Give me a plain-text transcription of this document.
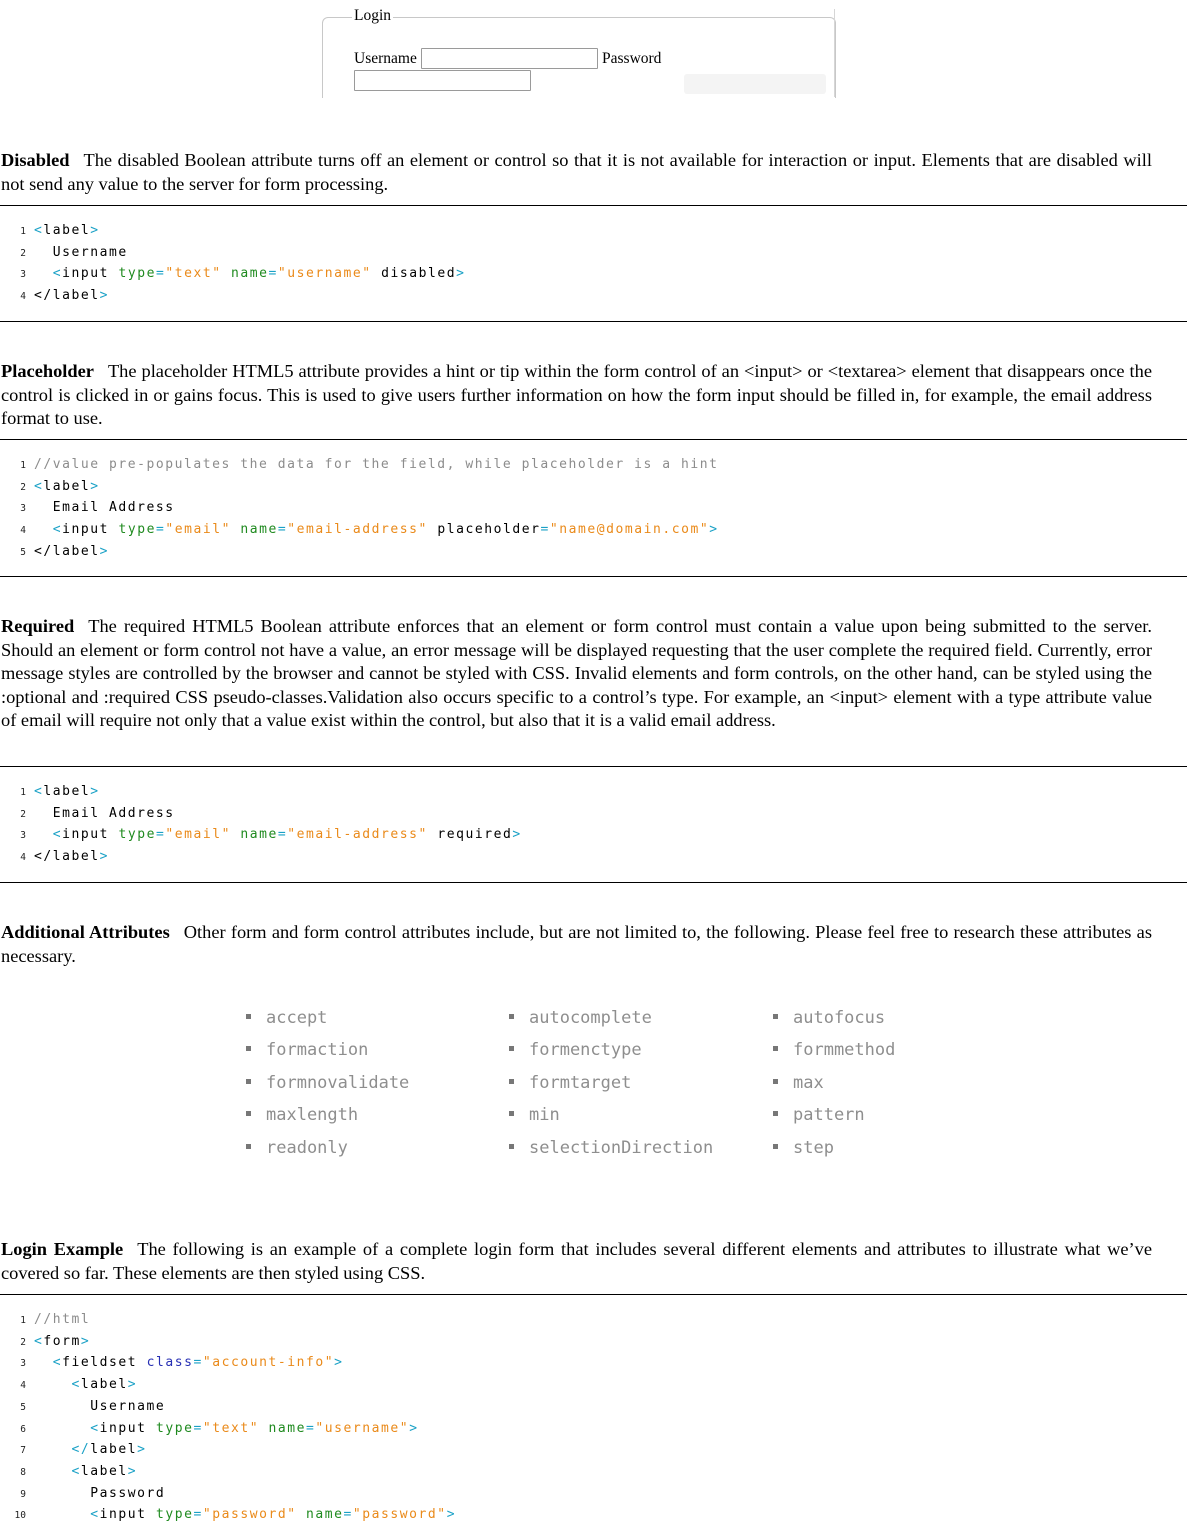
Login
Username	Password

Disabled The disabled Boolean attribute turns off an element or control so that it is not available for interaction or input. Elements that are disabled will not send any value to the server for form processing.

1 <label>
2 Username
3 <input type="text" name="username" disabled>
4 </label>

Placeholder The placeholder HTML5 attribute provides a hint or tip within the form control of an <input> or <textarea> element that disappears once the control is clicked in or gains focus. This is used to give users further information on how the form input should be filled in, for example, the email address format to use.

1 //value pre-populates the data for the field, while placeholder is a hint
2 <label>
3 Email Address
4 <input type="email" name="email-address" placeholder="name@domain.com">
5 </label>

Required The required HTML5 Boolean attribute enforces that an element or form control must contain a value upon being submitted to the server. Should an element or form control not have a value, an error message will be displayed requesting that the user complete the required field. Currently, error message styles are controlled by the browser and cannot be styled with CSS. Invalid elements and form controls, on the other hand, can be styled using the :optional and :required CSS pseudo-classes.Validation also occurs specific to a control’s type. For example, an <input> element with a type attribute value of email will require not only that a value exist within the control, but also that it is a valid email address.

1 <label>
2 Email Address
3 <input type="email" name="email-address" required>
4 </label>

Additional Attributes Other form and form control attributes include, but are not limited to, the following. Please feel free to research these attributes as necessary.

accept
formaction
formnovalidate
maxlength
readonly
autocomplete
formenctype
formtarget
min
selectionDirection
autofocus
formmethod
max
pattern
step

Login Example The following is an example of a complete login form that includes several different elements and attributes to illustrate what we’ve covered so far. These elements are then styled using CSS.

1 //html
2 <form>
3 <fieldset class="account-info">
4	<label>
5	Username
6	<input type="text" name="username">
7	</label>
8	<label>
9	Password
10	<input type="password" name="password">
